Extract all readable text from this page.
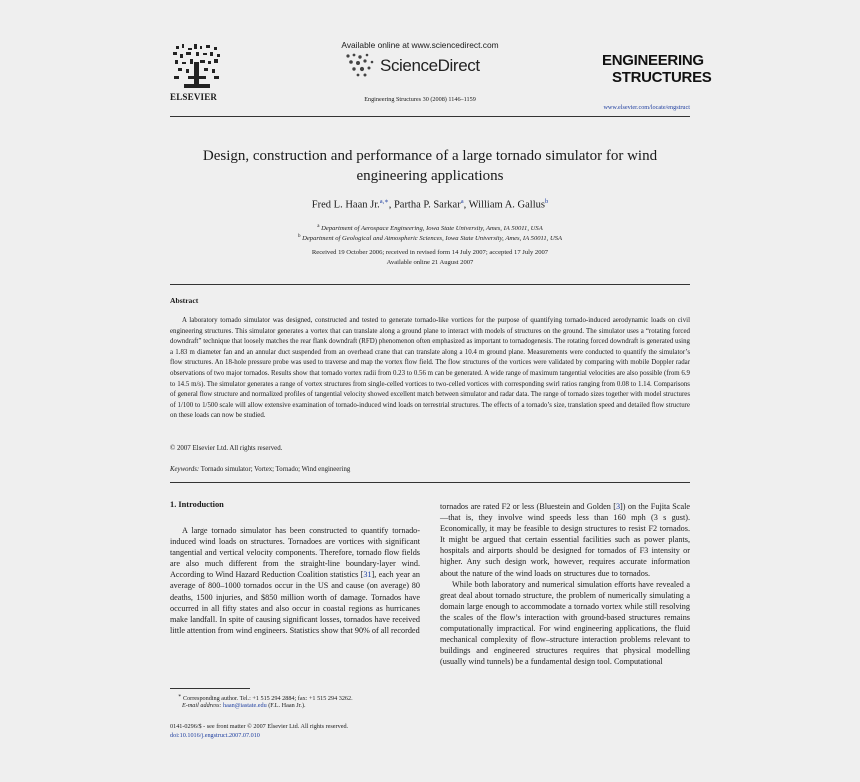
ELSEVIER
Available online at www.sciencedirect.com
ScienceDirect	ENGINEERING
STRUCTURES
Engineering Structures 30 (2008) 1146–1159
www.elsevier.com/locate/engstruct
Design, construction and performance of a large tornado simulator for wind
engineering applications
Fred L. Haan Jr.$^{a,∗}$, Partha P. Sarkar$^a$, William A. Gallus$^b$
$^a$ Department of Aerospace Engineering, Iowa State University, Ames, IA 50011, USA
$^b$ Department of Geological and Atmospheric Sciences, Iowa State University, Ames, IA 50011, USA
Received 19 October 2006; received in revised form 14 July 2007; accepted 17 July 2007
Available online 21 August 2007
Abstract
A laboratory tornado simulator was designed, constructed and tested to generate tornado-like vortices for the purpose of quantifying tornado-induced aerodynamic loads on civil engineering structures. This simulator generates a vortex that can translate along a ground plane to interact with models of structures on the ground. The simulator uses a “rotating forced downdraft” technique that loosely matches the rear flank downdraft (RFD) phenomenon often emphasized as important to tornadogenesis. The rotating forced downdraft is generated using a 1.83 m diameter fan and an annular duct suspended from an overhead crane that can translate along a 10.4 m ground plane. Measurements were conducted to quantify the simulator’s flow structures. An 18-hole pressure probe was used to traverse and map the vortex flow field. The flow structures of the vortices were validated by comparing with mobile Doppler radar observations of two major tornados. Results show that tornado vortex radii from 0.23 to 0.56 m can be generated. A wide range of maximum tangential velocities are also possible (from 6.9 to 14.5 m/s). The simulator generates a range of vortex structures from single-celled vortices to two-celled vortices with corresponding swirl ratios ranging from 0.08 to 1.14. Comparisons of general flow structure and normalized profiles of tangential velocity showed excellent match between simulator and radar data. The range of tornado sizes together with model structures of 1/100 to 1/500 scale will allow extensive examination of tornado-induced wind loads on terrestrial structures. The effects of a tornado’s size, translation speed and detailed flow structure on these loads can now be studied.
© 2007 Elsevier Ltd. All rights reserved.
Keywords: Tornado simulator; Vortex; Tornado; Wind engineering
1. Introduction

A large tornado simulator has been constructed to quantify tornado-induced wind loads on structures. Tornadoes are vortices with significant tangential and vertical velocity components. Therefore, tornado flow fields are also much different from the straight-line boundary-layer wind. According to Wind Hazard Reduction Coalition statistics [31], each year an average of 800–1000 tornados occur in the US and cause (on average) 80 deaths, 1500 injuries, and $850 million worth of damage. Tornados have occurred in all fifty states and also occur in coastal regions as hurricanes make landfall. In spite of causing significant losses, tornados have received little attention from wind engineers. Statistics show that 90% of all recorded

tornados are rated F2 or less (Bluestein and Golden [3]) on the Fujita Scale—that is, they involve wind speeds less than 160 mph (3 s gust). Economically, it may be feasible to design structures to resist F2 tornados. It might be argued that certain essential facilities such as power plants, hospitals and airports should be designed for tornados of F3 intensity or higher. Any such design work, however, requires accurate information about the nature of the wind loads on structures due to tornados.

While both laboratory and numerical simulation efforts have revealed a great deal about tornado structure, the problem of numerically simulating a domain large enough to accommodate a tornado vortex while still resolving the scales of the flow’s interaction with ground-based structures remains computationally impractical. For wind engineering applications, the fluid mechanical complexity of flow–structure interaction problems relevant to buildings and engineered structures requires that physical modelling (usually wind tunnels) be a fundamental design tool. Computational

∗ Corresponding author. Tel.: +1 515 294 2884; fax: +1 515 294 3262.
E-mail address: haan@iastate.edu (F.L. Haan Jr.).
0141-0296/$ - see front matter © 2007 Elsevier Ltd. All rights reserved.
doi:10.1016/j.engstruct.2007.07.010
